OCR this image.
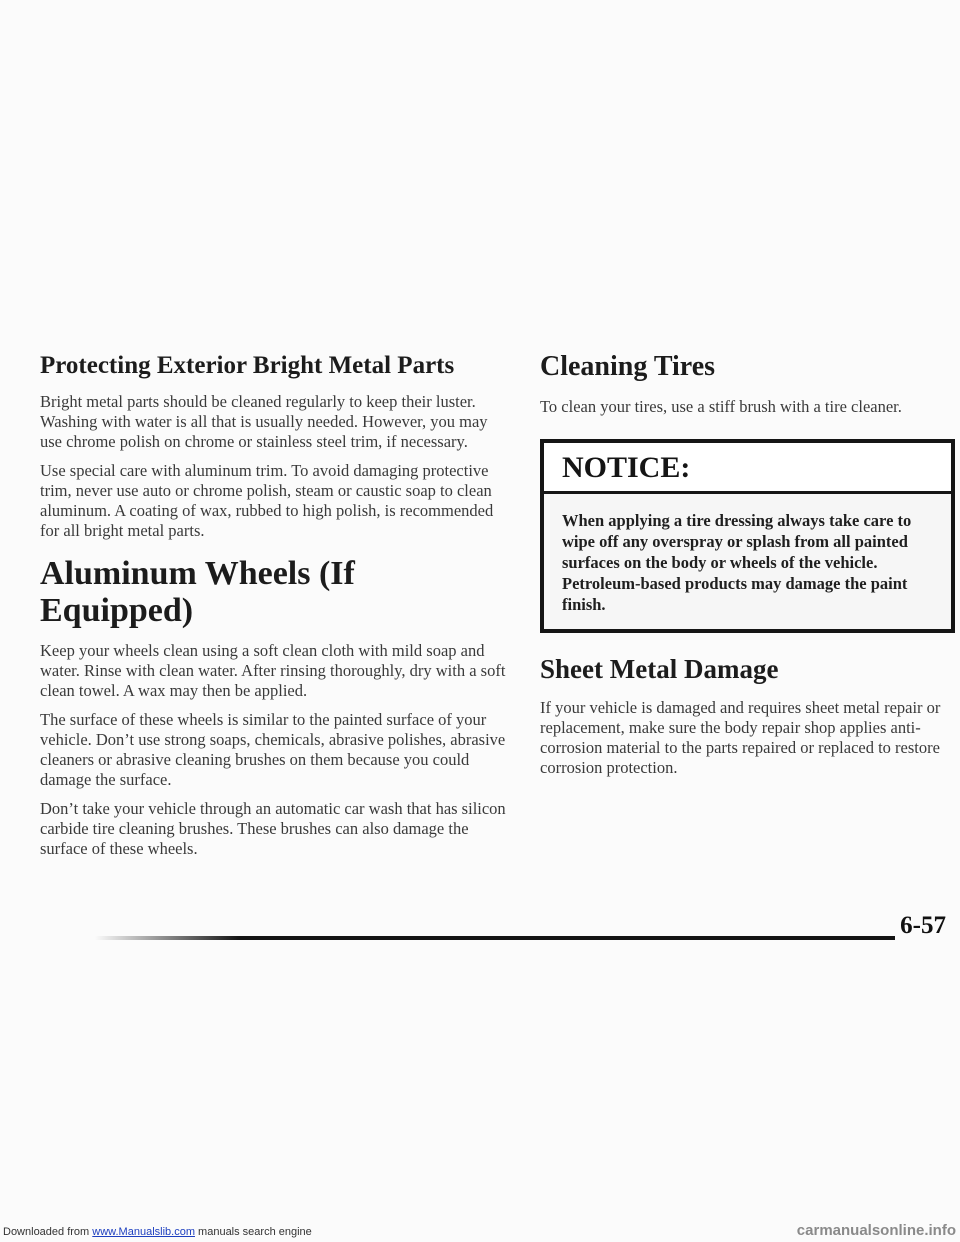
Protecting Exterior Bright Metal Parts

Bright metal parts should be cleaned regularly to keep their luster. Washing with water is all that is usually needed. However, you may use chrome polish on chrome or stainless steel trim, if necessary.

Use special care with aluminum trim. To avoid damaging protective trim, never use auto or chrome polish, steam or caustic soap to clean aluminum. A coating of wax, rubbed to high polish, is recommended for all bright metal parts.

Aluminum Wheels (If Equipped)

Keep your wheels clean using a soft clean cloth with mild soap and water. Rinse with clean water. After rinsing thoroughly, dry with a soft clean towel. A wax may then be applied.

The surface of these wheels is similar to the painted surface of your vehicle. Don’t use strong soaps, chemicals, abrasive polishes, abrasive cleaners or abrasive cleaning brushes on them because you could damage the surface.

Don’t take your vehicle through an automatic car wash that has silicon carbide tire cleaning brushes. These brushes can also damage the surface of these wheels.

Cleaning Tires

To clean your tires, use a stiff brush with a tire cleaner.

NOTICE:
When applying a tire dressing always take care to wipe off any overspray or splash from all painted surfaces on the body or wheels of the vehicle. Petroleum-based products may damage the paint finish.
Sheet Metal Damage

If your vehicle is damaged and requires sheet metal repair or replacement, make sure the body repair shop applies anti-corrosion material to the parts repaired or replaced to restore corrosion protection.

6-57
Downloaded from www.Manualslib.com manuals search engine	carmanualsonline.info
